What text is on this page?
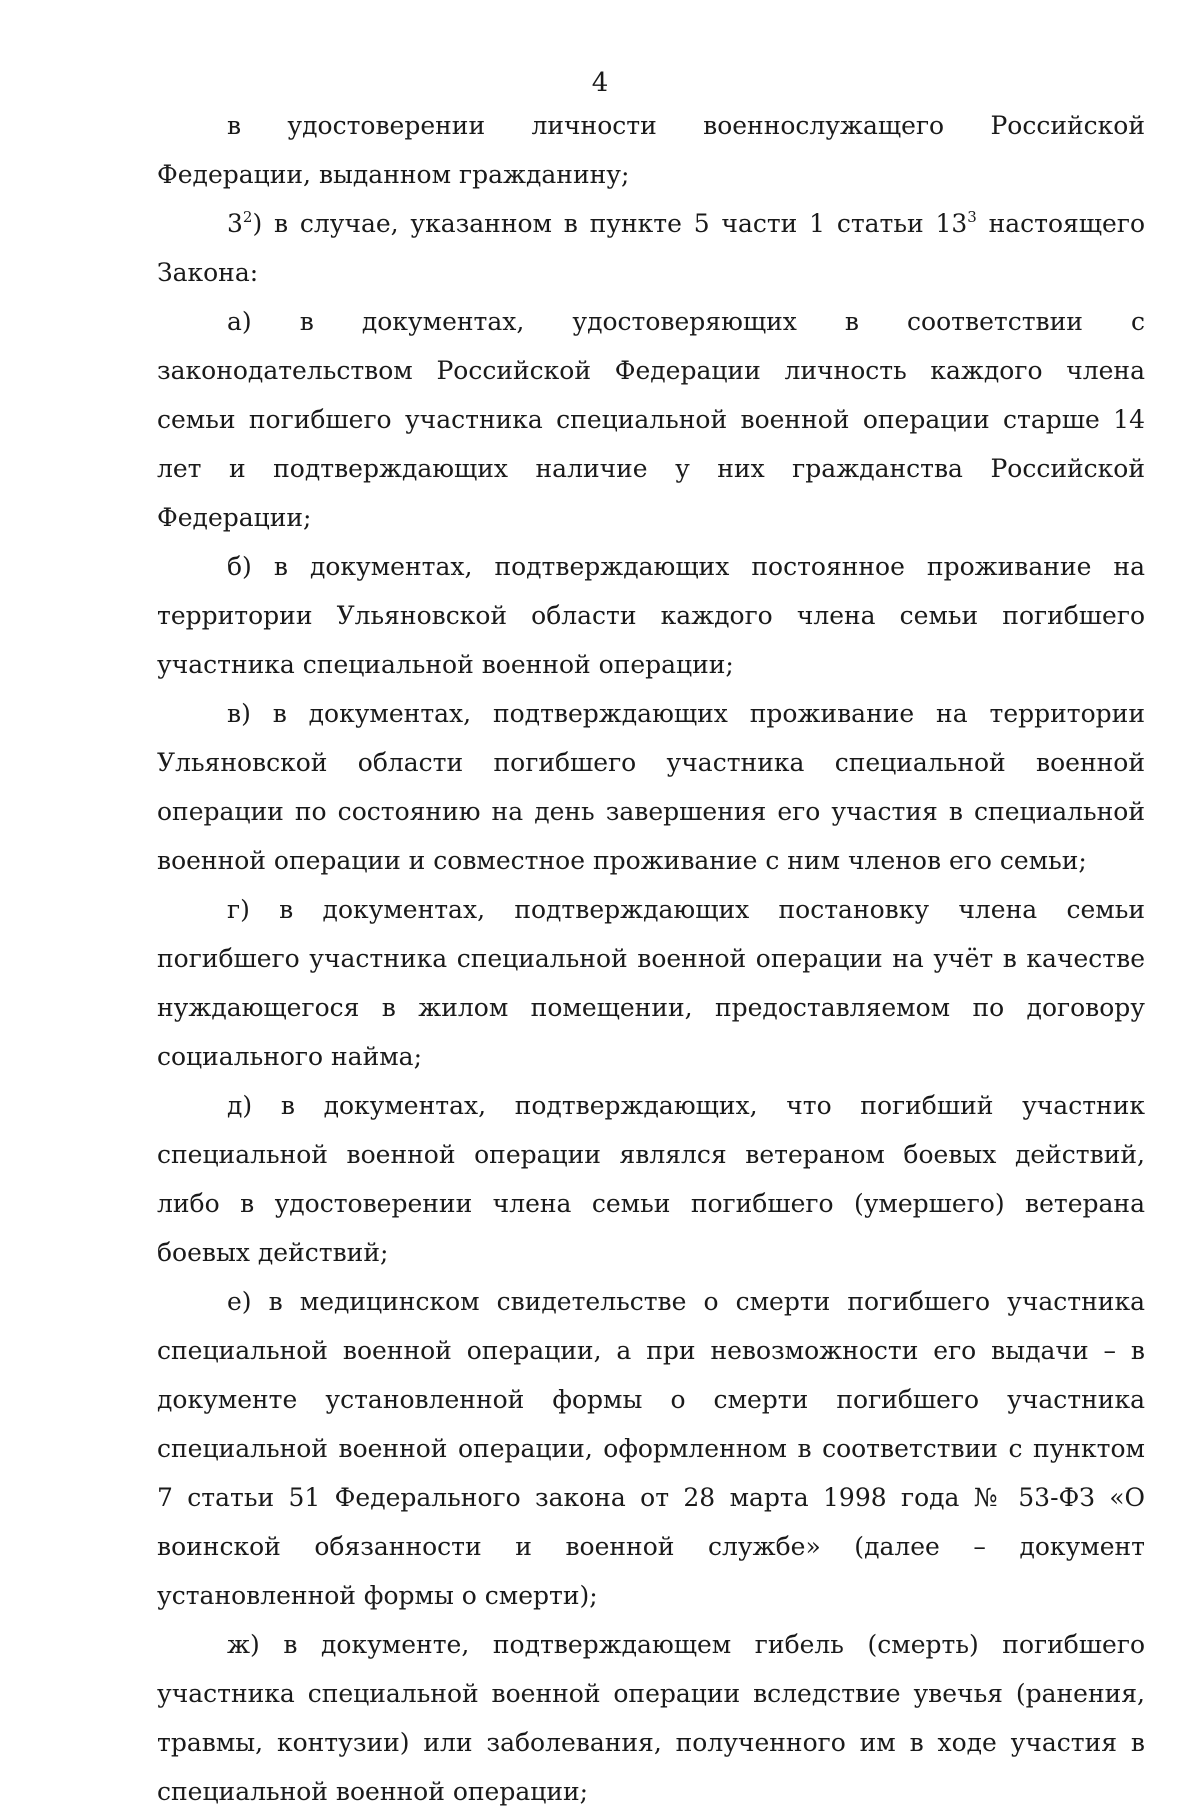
4

в удостоверении личности военнослужащего Российской Федерации, выданном гражданину;

$3^2$) в случае, указанном в пункте 5 части 1 статьи $13^3$ настоящего Закона:

а) в документах, удостоверяющих в соответствии с законодательством Российской Федерации личность каждого члена семьи погибшего участника специальной военной операции старше 14 лет и подтверждающих наличие у них гражданства Российской Федерации;

б) в документах, подтверждающих постоянное проживание на территории Ульяновской области каждого члена семьи погибшего участника специальной военной операции;

в) в документах, подтверждающих проживание на территории Ульяновской области погибшего участника специальной военной операции по состоянию на день завершения его участия в специальной военной операции и совместное проживание с ним членов его семьи;

г) в документах, подтверждающих постановку члена семьи погибшего участника специальной военной операции на учёт в качестве нуждающегося в жилом помещении, предоставляемом по договору социального найма;

д) в документах, подтверждающих, что погибший участник специальной военной операции являлся ветераном боевых действий, либо в удостоверении члена семьи погибшего (умершего) ветерана боевых действий;

е) в медицинском свидетельстве о смерти погибшего участника специальной военной операции, а при невозможности его выдачи – в документе установленной формы о смерти погибшего участника специальной военной операции, оформленном в соответствии с пунктом 7 статьи 51 Федерального закона от 28 марта 1998 года № 53-ФЗ «О воинской обязанности и военной службе» (далее – документ установленной формы о смерти);

ж) в документе, подтверждающем гибель (смерть) погибшего участника специальной военной операции вследствие увечья (ранения, травмы, контузии) или заболевания, полученного им в ходе участия в специальной военной операции;
